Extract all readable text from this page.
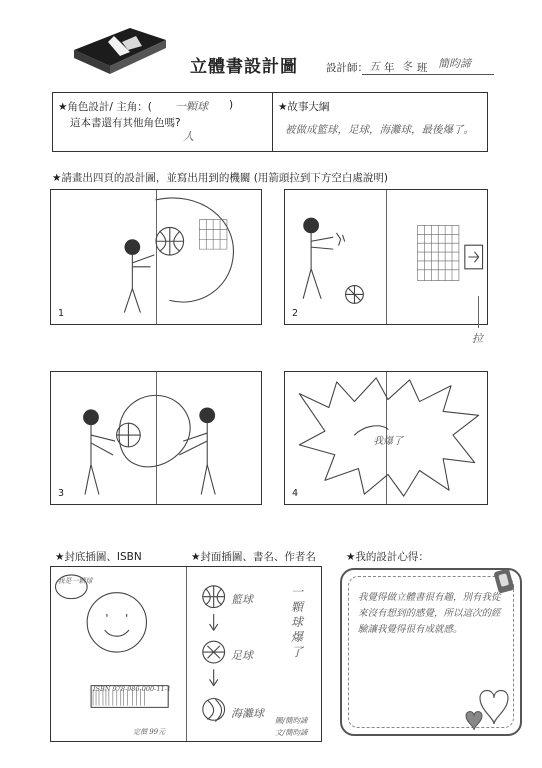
立體書設計圖	設計師： 五 年 冬 班 簡昀諦
★角色設計/ 主角：( 一顆球 )
這本書還有其他角色嗎?
人
★故事大綱
被做成籃球，足球，海灘球，最後爆了。
★請畫出四頁的設計圖，並寫出用到的機關 (用箭頭拉到下方空白處說明)
1	2
拉
3
我爆了
4
★封底插圖、ISBN	★封面插圖、書名、作者名	★我的設計心得：
我是一顆球
ISBN 978-986-000-11-1
定價 99元
籃球
足球
海灘球
一顆球爆了
圖/簡昀諦
文/簡昀諦
我覺得做立體書很有趣，別有我從來沒有想到的感覺，所以這次的經驗讓我覺得很有成就感。
